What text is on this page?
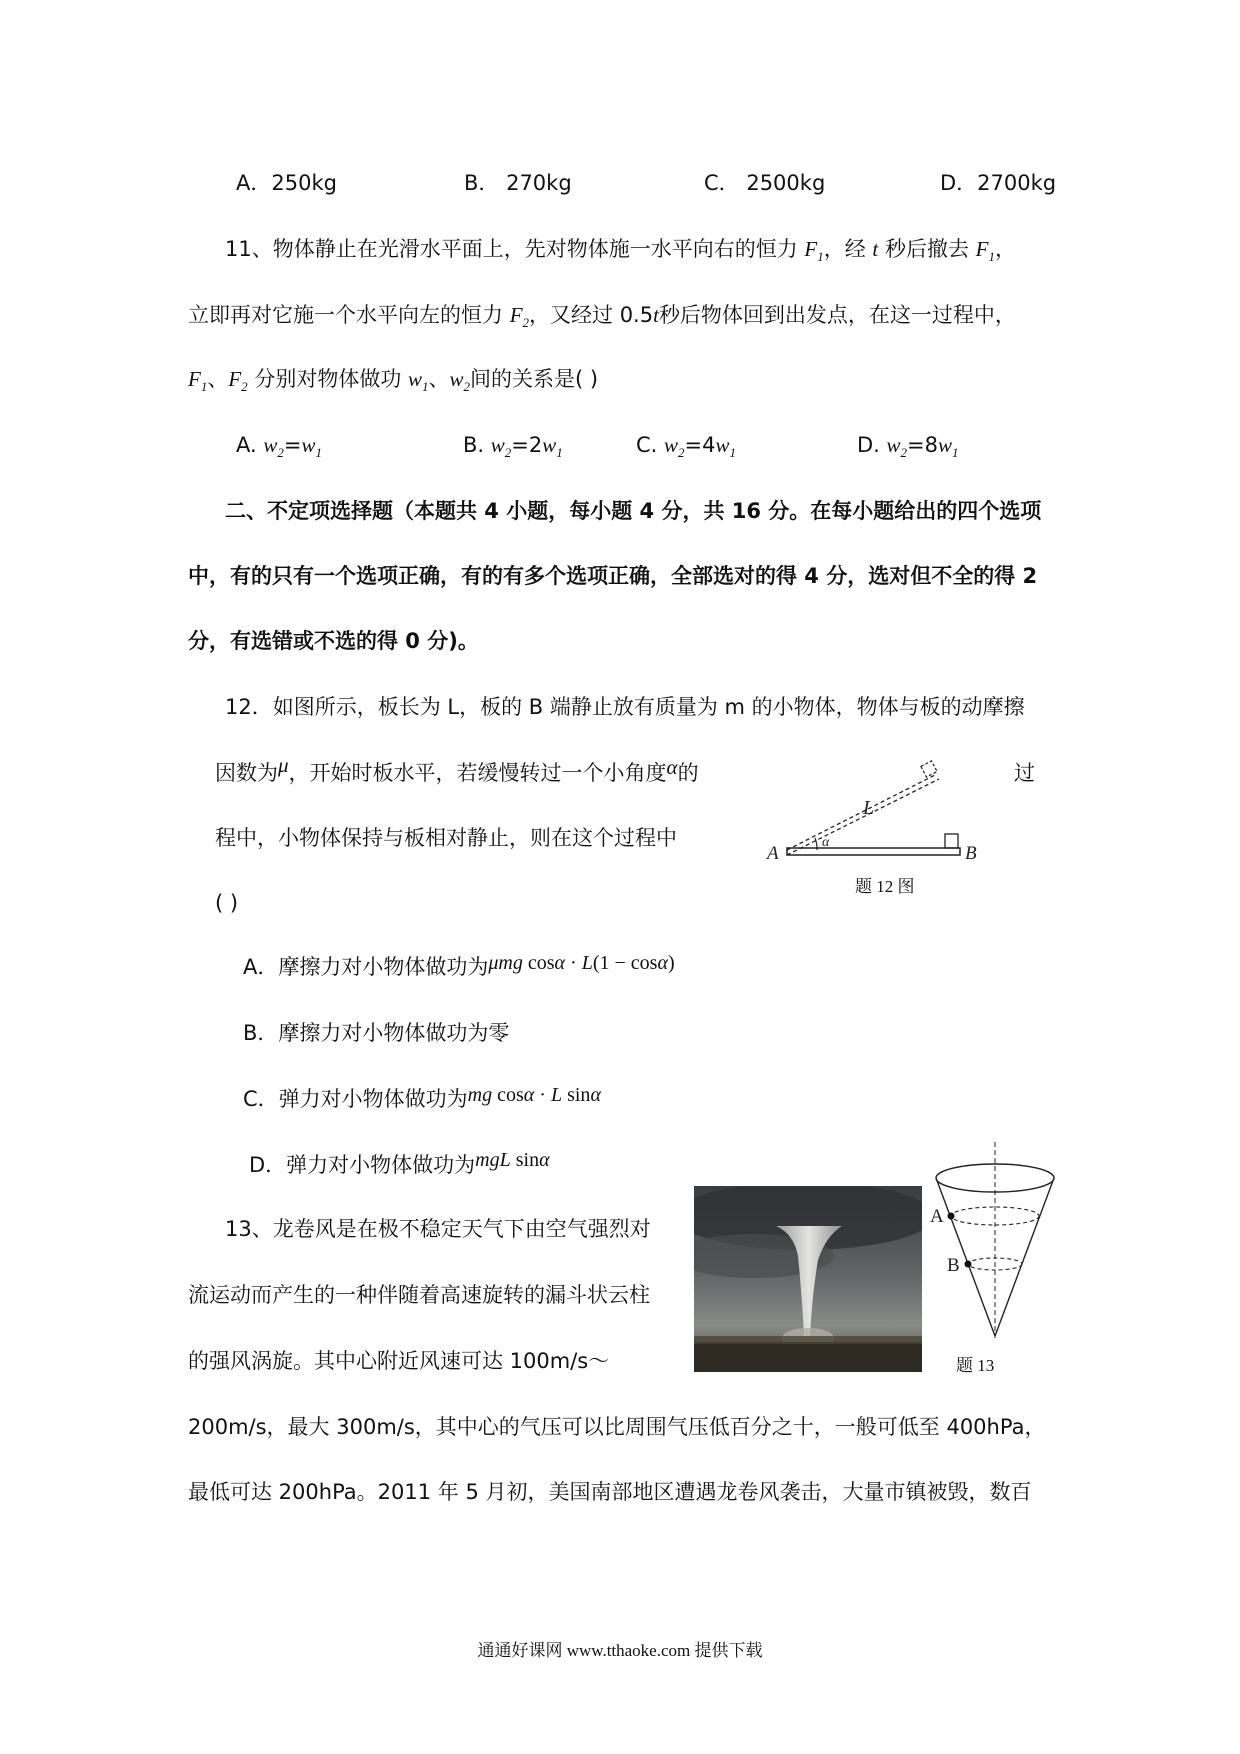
A．250kg	B． 270kg	C． 2500kg	D．2700kg
11、物体静止在光滑水平面上，先对物体施一水平向右的恒力 $F_1$，经 t 秒后撤去 $F_1$，
立即再对它施一个水平向左的恒力 $F_2$，又经过 0.5t秒后物体回到出发点，在这一过程中，
$F_1$、$F_2$ 分别对物体做功 $w_1$、$w_2$间的关系是( )
A. $w_2=w_1$	B. $w_2=2w_1$	C. $w_2=4w_1$	D. $w_2=8w_1$
二、不定项选择题（本题共 4 小题，每小题 4 分，共 16 分。在每小题给出的四个选项
中，有的只有一个选项正确，有的有多个选项正确，全部选对的得 4 分，选对但不全的得 2
分，有选错或不选的得 0 分)。
12．如图所示，板长为 L，板的 B 端静止放有质量为 m 的小物体，物体与板的动摩擦
因数为μ，开始时板水平，若缓慢转过一个小角度α的	过
程中，小物体保持与板相对静止，则在这个过程中
( )
L
A	B
α
题 12 图
A．摩擦力对小物体做功为μmg cosα · L(1 − cosα)
B．摩擦力对小物体做功为零
C．弹力对小物体做功为mg cosα · L sinα
D．弹力对小物体做功为mgL sinα
13、龙卷风是在极不稳定天气下由空气强烈对
流运动而产生的一种伴随着高速旋转的漏斗状云柱
的强风涡旋。其中心附近风速可达 100m/s～
200m/s，最大 300m/s，其中心的气压可以比周围气压低百分之十，一般可低至 400hPa，
最低可达 200hPa。2011 年 5 月初，美国南部地区遭遇龙卷风袭击，大量市镇被毁，数百
A
B
题 13
通通好课网 www.tthaoke.com 提供下载
